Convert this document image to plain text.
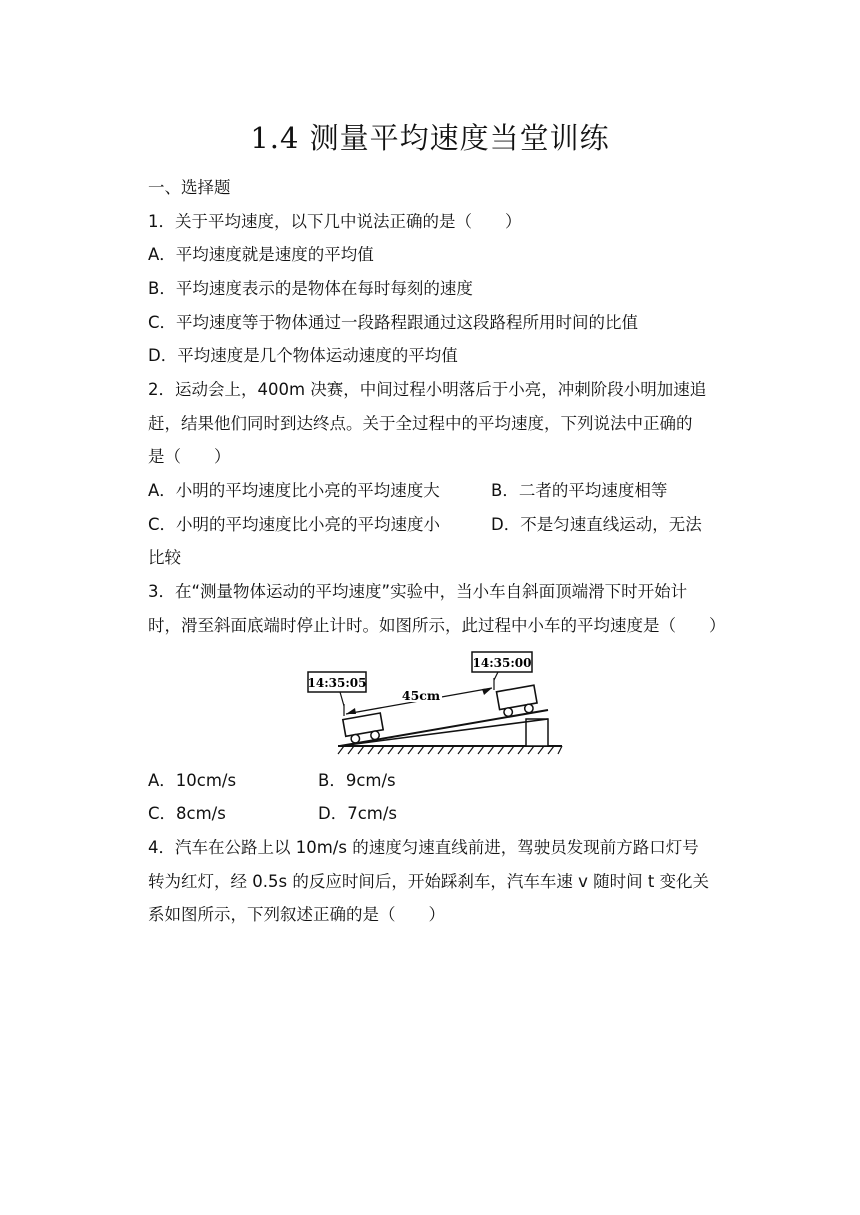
1.4 测量平均速度当堂训练
一、选择题
1．关于平均速度，以下几中说法正确的是（　　）
A．平均速度就是速度的平均值
B．平均速度表示的是物体在每时每刻的速度
C．平均速度等于物体通过一段路程跟通过这段路程所用时间的比值
D．平均速度是几个物体运动速度的平均值
2．运动会上，400m 决赛，中间过程小明落后于小亮，冲刺阶段小明加速追
赶，结果他们同时到达终点。关于全过程中的平均速度，下列说法中正确的
是（　　）
A．小明的平均速度比小亮的平均速度大	B．二者的平均速度相等
C．小明的平均速度比小亮的平均速度小	D．不是匀速直线运动，无法
比较
3．在“测量物体运动的平均速度”实验中，当小车自斜面顶端滑下时开始计
时，滑至斜面底端时停止计时。如图所示，此过程中小车的平均速度是（　　）
45cm
14:35:05
14:35:00
A．10cm/s	B．9cm/s
C．8cm/s	D．7cm/s
4．汽车在公路上以 10m/s 的速度匀速直线前进，驾驶员发现前方路口灯号
转为红灯，经 0.5s 的反应时间后，开始踩刹车，汽车车速 v 随时间 t 变化关
系如图所示，下列叙述正确的是（　　）
